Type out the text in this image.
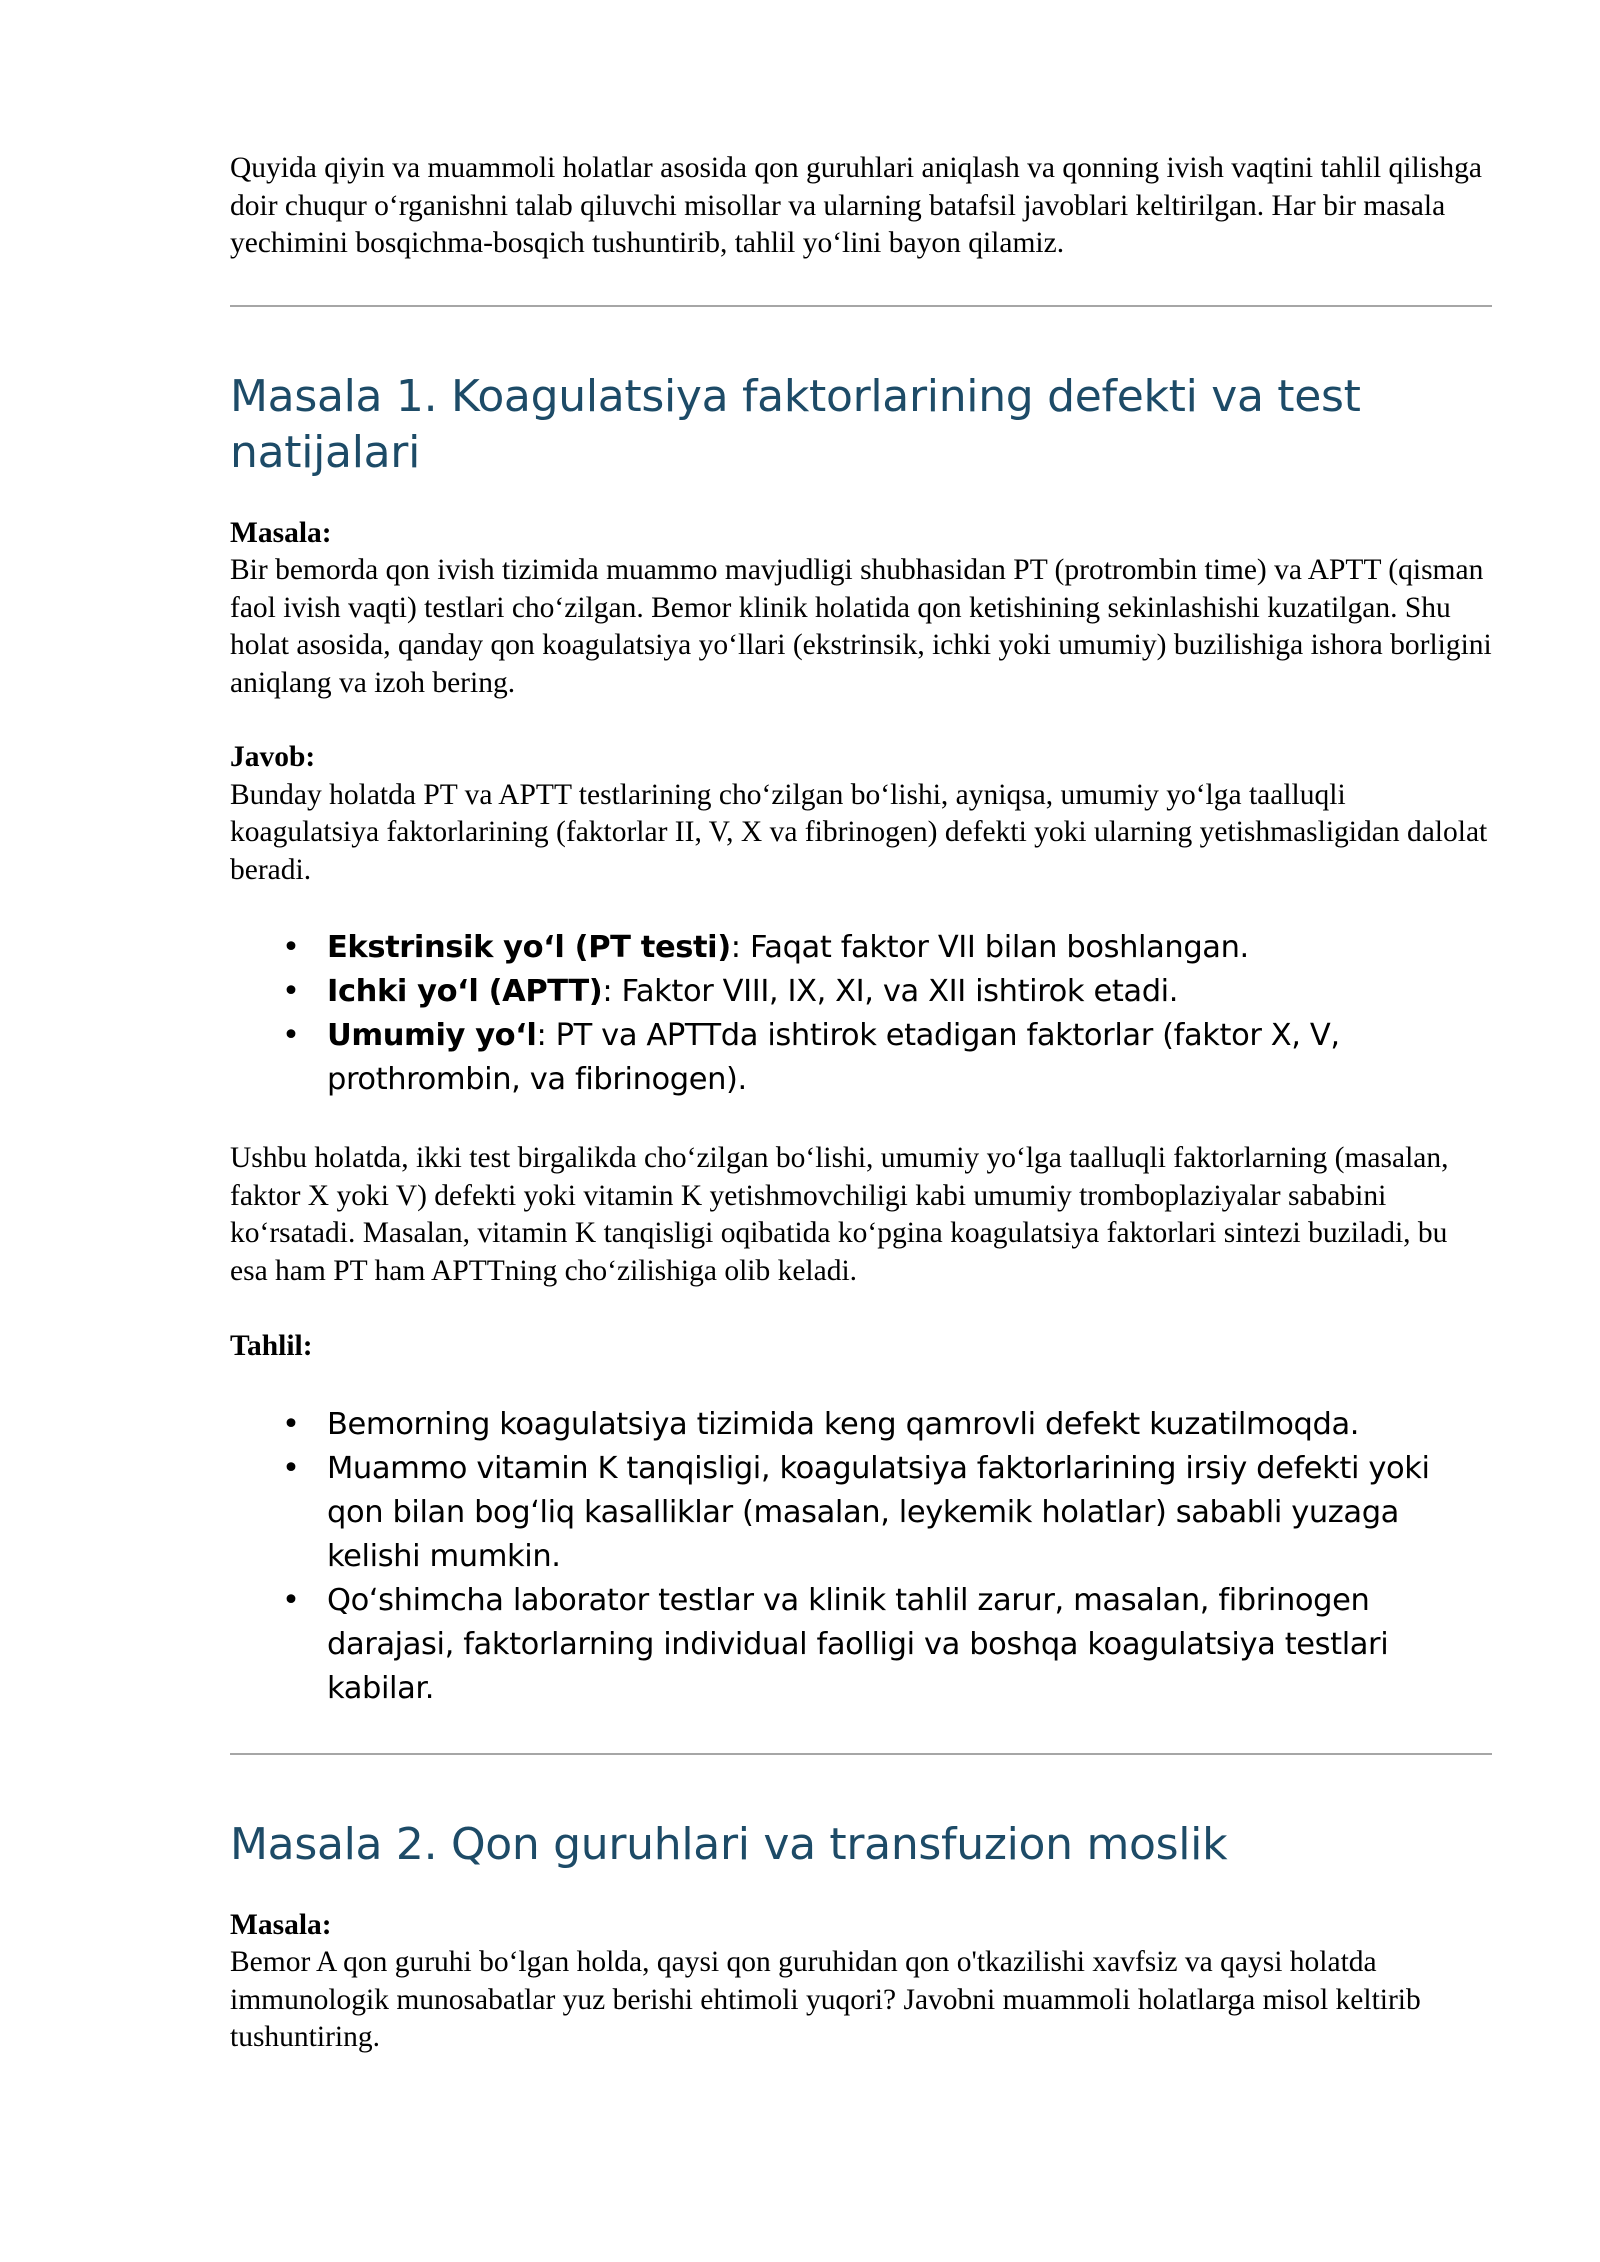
Quyida qiyin va muammoli holatlar asosida qon guruhlari aniqlash va qonning ivish vaqtini tahlil qilishga doir chuqur o‘rganishni talab qiluvchi misollar va ularning batafsil javoblari keltirilgan. Har bir masala yechimini bosqichma-bosqich tushuntirib, tahlil yo‘lini bayon qilamiz.

Masala 1. Koagulatsiya faktorlarining defekti va test natijalari
Masala:

Bir bemorda qon ivish tizimida muammo mavjudligi shubhasidan PT (protrombin time) va APTT (qisman faol ivish vaqti) testlari cho‘zilgan. Bemor klinik holatida qon ketishining sekinlashishi kuzatilgan. Shu holat asosida, qanday qon koagulatsiya yo‘llari (ekstrinsik, ichki yoki umumiy) buzilishiga ishora borligini aniqlang va izoh bering.

Javob:

Bunday holatda PT va APTT testlarining cho‘zilgan bo‘lishi, ayniqsa, umumiy yo‘lga taalluqli koagulatsiya faktorlarining (faktorlar II, V, X va fibrinogen) defekti yoki ularning yetishmasligidan dalolat beradi.

• Ekstrinsik yo‘l (PT testi): Faqat faktor VII bilan boshlangan.
• Ichki yo‘l (APTT): Faktor VIII, IX, XI, va XII ishtirok etadi.
• Umumiy yo‘l: PT va APTTda ishtirok etadigan faktorlar (faktor X, V, prothrombin, va fibrinogen).

Ushbu holatda, ikki test birgalikda cho‘zilgan bo‘lishi, umumiy yo‘lga taalluqli faktorlarning (masalan, faktor X yoki V) defekti yoki vitamin K yetishmovchiligi kabi umumiy tromboplaziyalar sababini ko‘rsatadi. Masalan, vitamin K tanqisligi oqibatida ko‘pgina koagulatsiya faktorlari sintezi buziladi, bu esa ham PT ham APTTning cho‘zilishiga olib keladi.

Tahlil:
• Bemorning koagulatsiya tizimida keng qamrovli defekt kuzatilmoqda.
• Muammo vitamin K tanqisligi, koagulatsiya faktorlarining irsiy defekti yoki qon bilan bog‘liq kasalliklar (masalan, leykemik holatlar) sababli yuzaga kelishi mumkin.
• Qo‘shimcha laborator testlar va klinik tahlil zarur, masalan, fibrinogen darajasi, faktorlarning individual faolligi va boshqa koagulatsiya testlari kabilar.
Masala 2. Qon guruhlari va transfuzion moslik
Masala:

Bemor A qon guruhi bo‘lgan holda, qaysi qon guruhidan qon o'tkazilishi xavfsiz va qaysi holatda immunologik munosabatlar yuz berishi ehtimoli yuqori? Javobni muammoli holatlarga misol keltirib tushuntiring.
